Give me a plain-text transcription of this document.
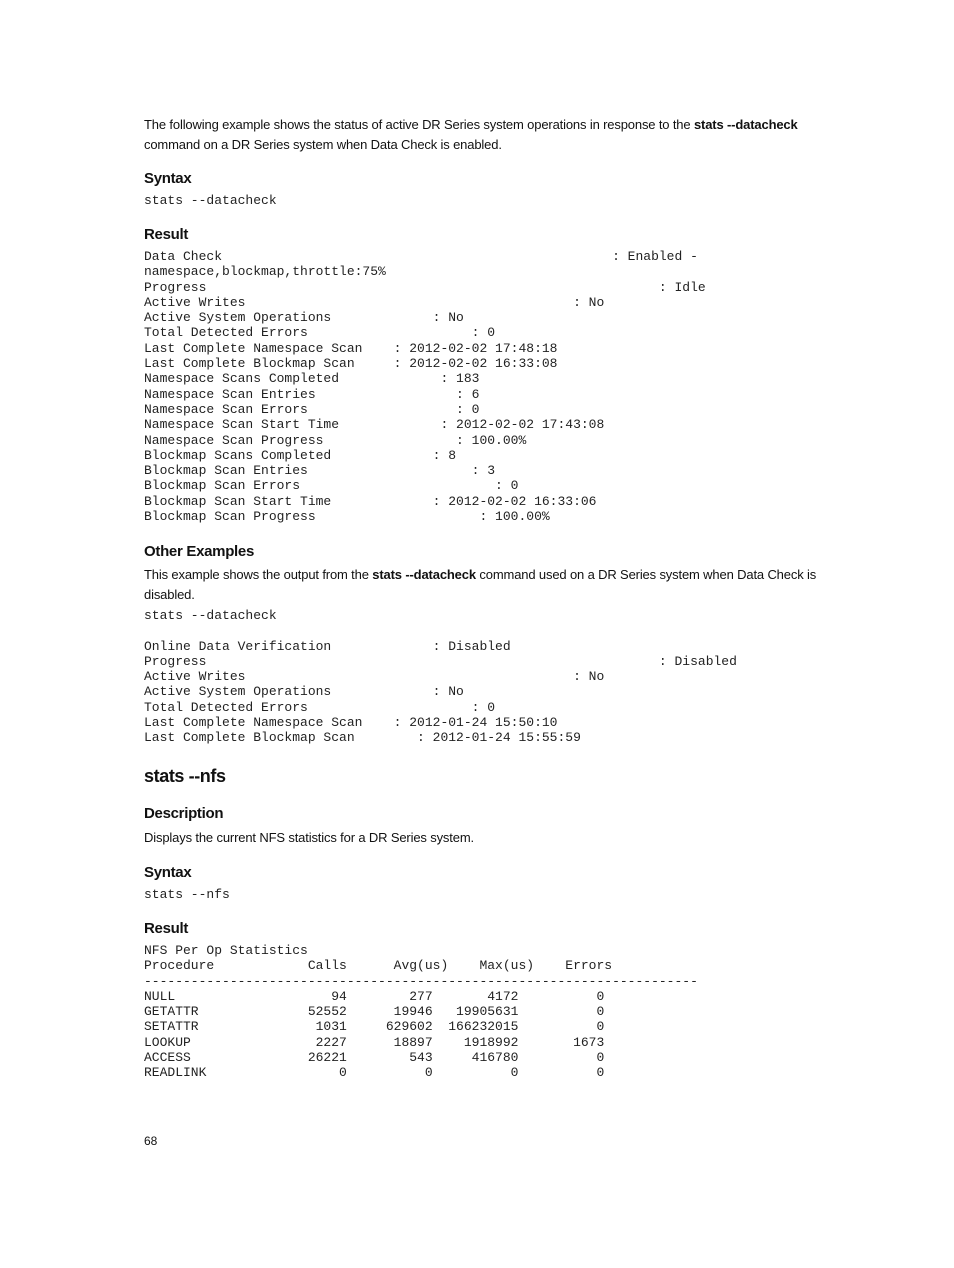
The following example shows the status of active DR Series system operations in response to the stats --datacheck command on a DR Series system when Data Check is enabled.

Syntax
stats --datacheck
Result
Data Check                                                  : Enabled -
namespace,blockmap,throttle:75%
Progress                                                          : Idle
Active Writes                                          : No
Active System Operations             : No
Total Detected Errors                     : 0
Last Complete Namespace Scan    : 2012-02-02 17:48:18
Last Complete Blockmap Scan     : 2012-02-02 16:33:08
Namespace Scans Completed             : 183
Namespace Scan Entries                  : 6
Namespace Scan Errors                   : 0
Namespace Scan Start Time             : 2012-02-02 17:43:08
Namespace Scan Progress                 : 100.00%
Blockmap Scans Completed             : 8
Blockmap Scan Entries                     : 3
Blockmap Scan Errors                         : 0
Blockmap Scan Start Time             : 2012-02-02 16:33:06
Blockmap Scan Progress                     : 100.00%
Other Examples

This example shows the output from the stats --datacheck command used on a DR Series system when Data Check is disabled.

stats --datacheck

Online Data Verification             : Disabled
Progress                                                          : Disabled
Active Writes                                          : No
Active System Operations             : No
Total Detected Errors                     : 0
Last Complete Namespace Scan    : 2012-01-24 15:50:10
Last Complete Blockmap Scan        : 2012-01-24 15:55:59
stats --nfs
Description

Displays the current NFS statistics for a DR Series system.

Syntax
stats --nfs
Result
NFS Per Op Statistics
Procedure            Calls      Avg(us)    Max(us)    Errors
-----------------------------------------------------------------------
NULL                    94        277       4172          0
GETATTR              52552      19946   19905631          0
SETATTR               1031     629602  166232015          0
LOOKUP                2227      18897    1918992       1673
ACCESS               26221        543     416780          0
READLINK                 0          0          0          0

68
